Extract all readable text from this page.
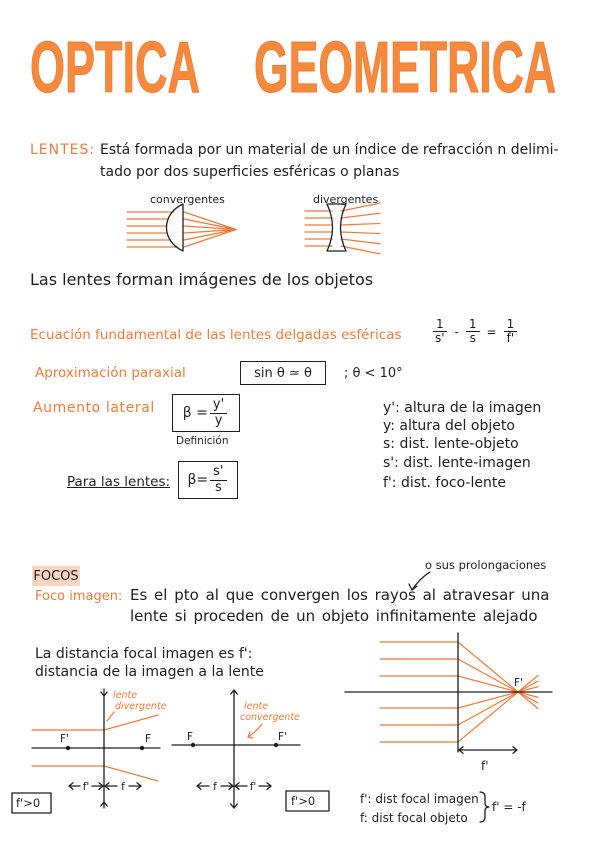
OPTICA GEOMETRICA
F'
f'
F'	F
lente
divergente
f'	f
f'>0
F	F'
lente
convergente
f	f'
f'>0
LENTES: Está formada por un material de un índice de refracción n delimi-
tado por dos superficies esféricas o planas
convergentes	divergentes
Las lentes forman imágenes de los objetos
Ecuación fundamental de las lentes delgadas esféricas	$\frac{1}{s'} - \frac{1}{s} = \frac{1}{f'}$
Aproximación paraxial	sin θ ≃ θ ; θ < 10°
Aumento lateral $\beta = \frac{y'}{y}$
Definición
y': altura de la imagen
y: altura del objeto
s: dist. lente-objeto
s': dist. lente-imagen
f': dist. foco-lente
Para las lentes: $\beta= \frac{s'}{s}$
FOCOS
o sus prolongaciones
Foco imagen: Es el pto al que convergen los rayos al atravesar una
lente si proceden de un objeto infinitamente alejado
La distancia focal imagen es f':
distancia de la imagen a la lente
f': dist focal imagen
f: dist focal objeto
f' = -f
